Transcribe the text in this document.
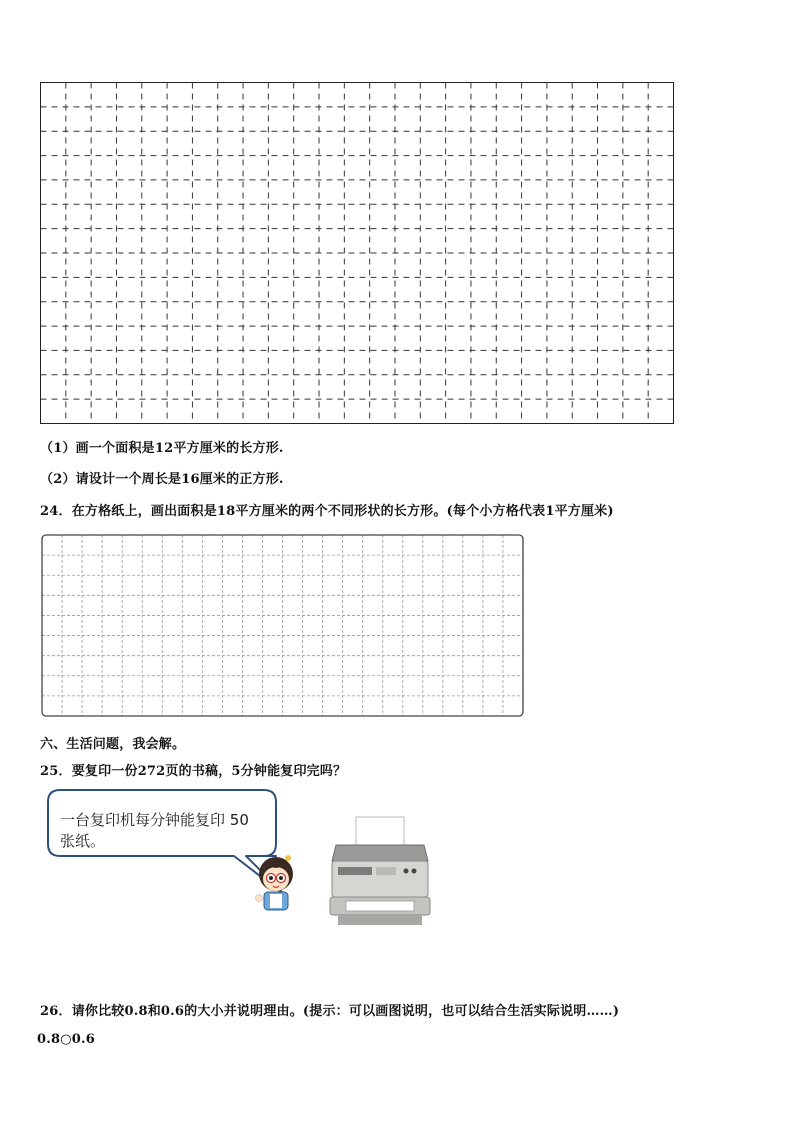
（1）画一个面积是12平方厘米的长方形.
（2）请设计一个周长是16厘米的正方形.
24．在方格纸上，画出面积是18平方厘米的两个不同形状的长方形。(每个小方格代表1平方厘米)
六、生活问题，我会解。
25．要复印一份272页的书稿，5分钟能复印完吗？
一台复印机每分钟能复印 50
张纸。
26．请你比较0.8和0.6的大小并说明理由。(提示：可以画图说明，也可以结合生活实际说明……)
0.8○0.6
